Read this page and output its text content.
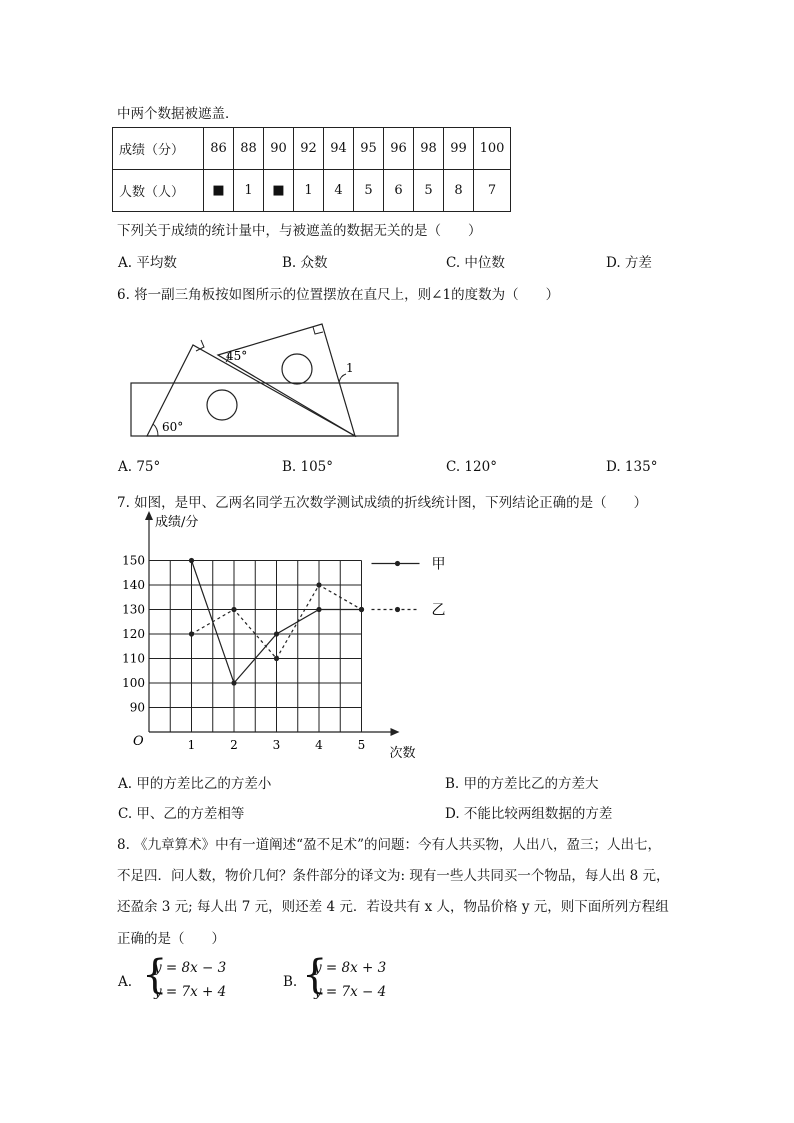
中两个数据被遮盖．
成绩（分）	86	88	90	92	94	95	96	98	99	100
人数（人）	■	1	■	1	4	5	6	5	8	7
下列关于成绩的统计量中，与被遮盖的数据无关的是（　　）
A. 平均数	B. 众数	C. 中位数	D. 方差
6. 将一副三角板按如图所示的位置摆放在直尺上，则∠1的度数为（　　）
45°
60°
1
A. 75°	B. 105°	C. 120°	D. 135°
7. 如图，是甲、乙两名同学五次数学测试成绩的折线统计图，下列结论正确的是（　　）
90
100
110
120
130
140
150
1	2	3	4	5
O
成绩/分
次数
甲
乙
A. 甲的方差比乙的方差小	B. 甲的方差比乙的方差大
C. 甲、乙的方差相等	D. 不能比较两组数据的方差
8. 《九章算术》中有一道阐述“盈不足术”的问题：今有人共买物，人出八，盈三；人出七，
不足四．问人数，物价几何？条件部分的译文为: 现有一些人共同买一个物品，每人出 8 元，
还盈余 3 元; 每人出 7 元，则还差 4 元．若设共有 x 人，物品价格 y 元，则下面所列方程组
正确的是（　　）
A. {
y = 8x − 3
y = 7x + 4
B. {
y = 8x + 3
y = 7x − 4
